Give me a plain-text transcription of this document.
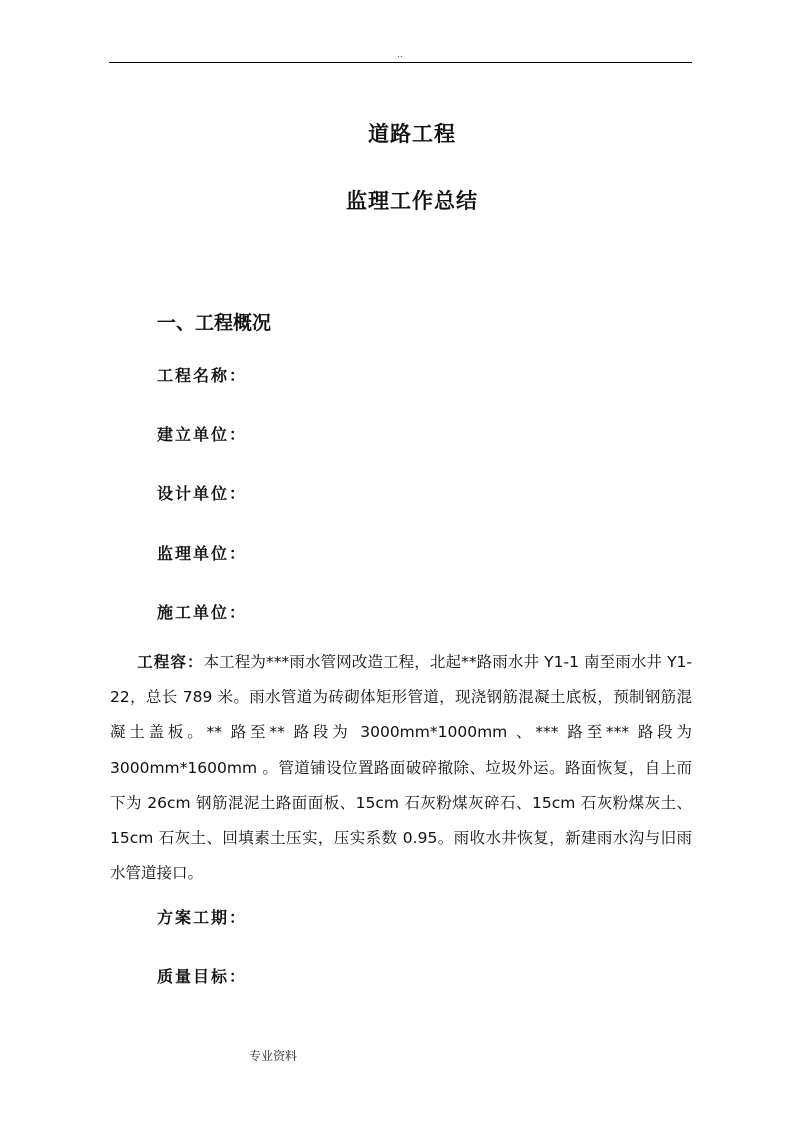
..
道路工程
监理工作总结
一、工程概况
工程名称：
建立单位：
设计单位：
监理单位：
施工单位：
工程容：本工程为***雨水管网改造工程，北起**路雨水井 Y1-1 南至雨水井 Y1-22，总长 789 米。雨水管道为砖砌体矩形管道，现浇钢筋混凝土底板，预制钢筋混凝土盖板。** 路至** 路段为 3000mm*1000mm 、*** 路至*** 路段为 3000mm*1600mm 。管道铺设位置路面破碎撤除、垃圾外运。路面恢复，自上而下为 26cm 钢筋混泥土路面面板、15cm 石灰粉煤灰碎石、15cm 石灰粉煤灰土、15cm 石灰土、回填素土压实，压实系数 0.95。雨收水井恢复，新建雨水沟与旧雨水管道接口。
方案工期：
质量目标：
专业资料
